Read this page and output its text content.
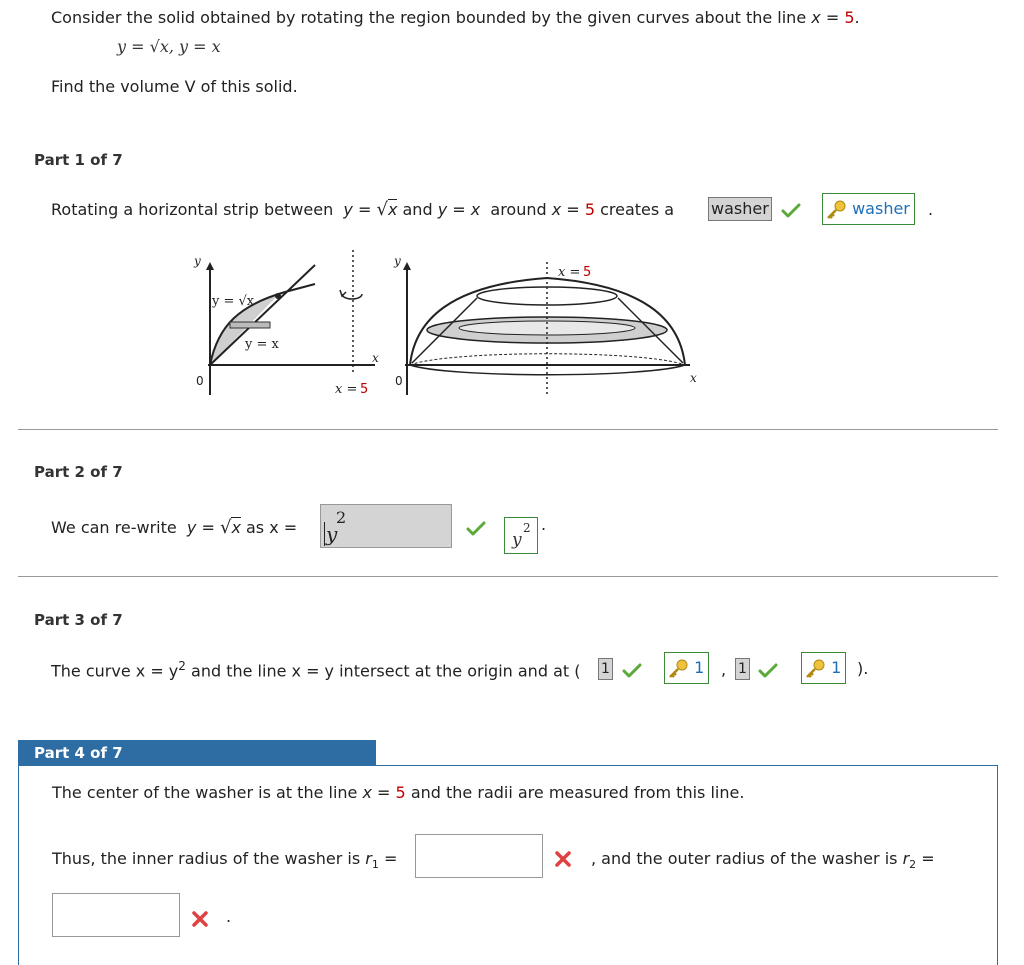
Consider the solid obtained by rotating the region bounded by the given curves about the line x = 5.
y = √x, y = x
Find the volume V of this solid.
Part 1 of 7
Rotating a horizontal strip between y = √x and y = x around x = 5 creates a washer	washer	.
y
y = √x
y = x
0
x
x = 5
y
x = 5
0	x
Part 2 of 7
We can re-write y = √x as x = y
2
y
2 .
Part 3 of 7
The curve $x = y^2$ and the line x = y intersect at the origin and at ( 1	1	, 1	1 ).
Part 4 of 7
The center of the washer is at the line x = 5 and the radii are measured from this line.
Thus, the inner radius of the washer is $r_1$ =	, and the outer radius of the washer is $r_2$ =
.
